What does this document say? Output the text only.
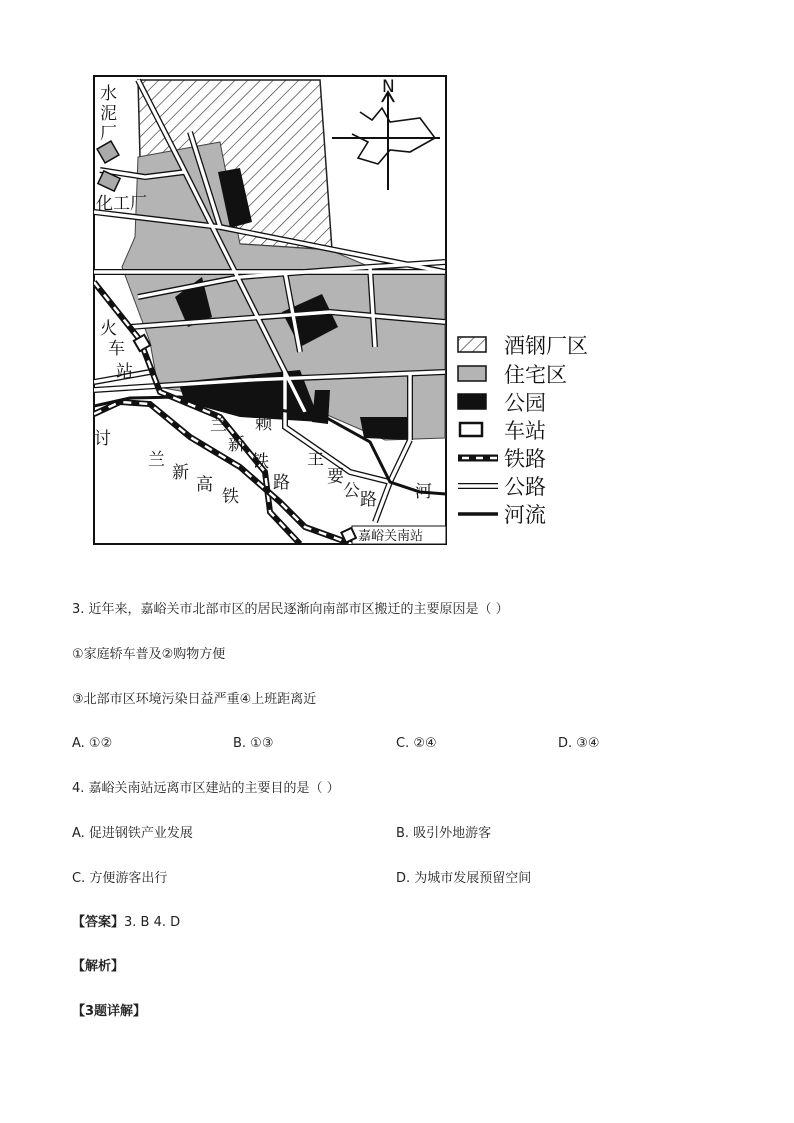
嘉峪关南站
N
水
泥
厂
化工厂
火
车
站
讨
兰
新
铁
路
赖
兰
新
高
铁
主
要
公 路 河
酒钢厂区
住宅区
公园
车站
铁路
公路
河流
3. 近年来，嘉峪关市北部市区的居民逐渐向南部市区搬迁的主要原因是（ ）
①家庭轿车普及②购物方便
③北部市区环境污染日益严重④上班距离近
A. ①②	B. ①③	C. ②④	D. ③④
4. 嘉峪关南站远离市区建站的主要目的是（ ）
A. 促进钢铁产业发展	B. 吸引外地游客
C. 方便游客出行	D. 为城市发展预留空间
【答案】3. B 4. D
【解析】
【3题详解】
